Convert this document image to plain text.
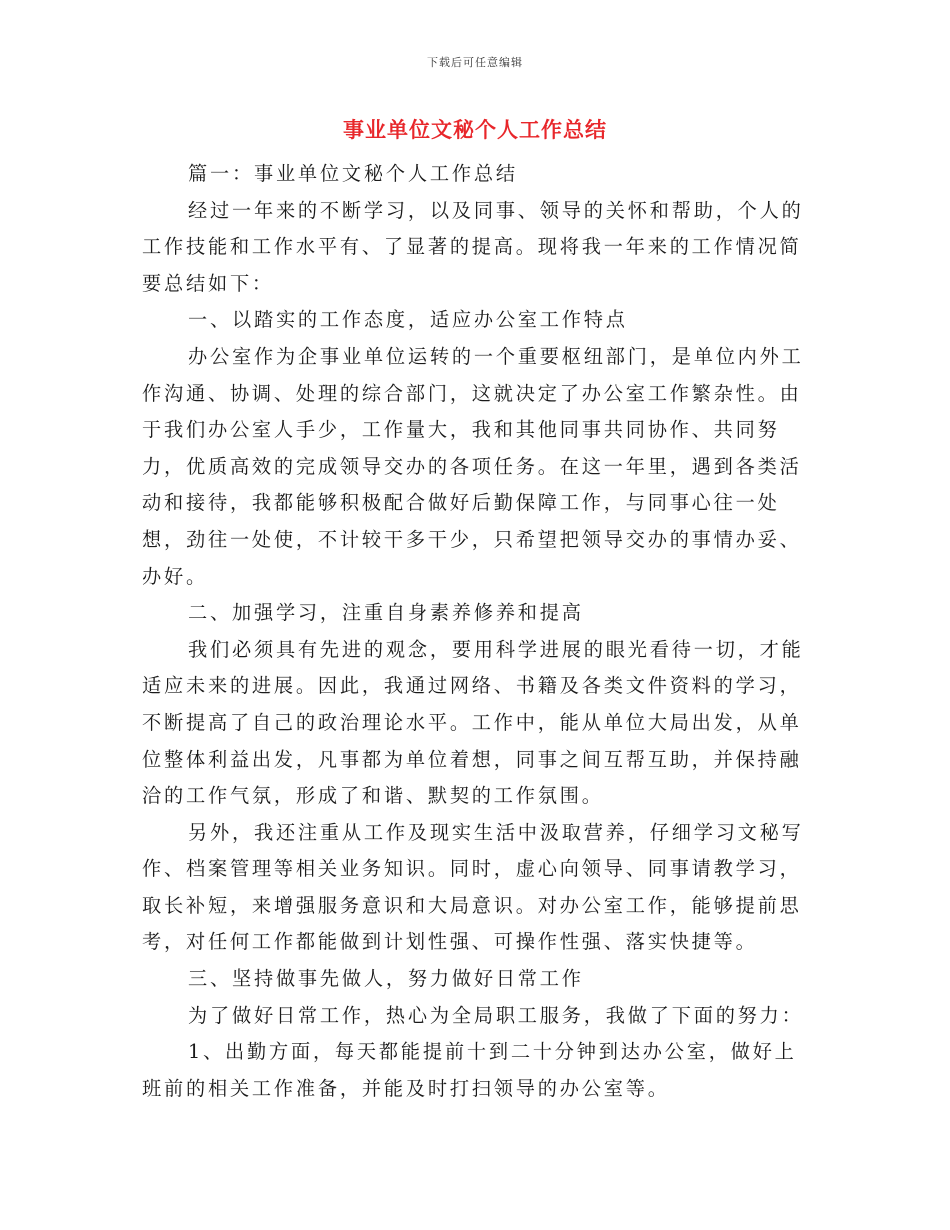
下载后可任意编辑
事业单位文秘个人工作总结

篇一：事业单位文秘个人工作总结

经过一年来的不断学习，以及同事、领导的关怀和帮助，个人的工作技能和工作水平有、了显著的提高。现将我一年来的工作情况简要总结如下：

一、以踏实的工作态度，适应办公室工作特点

办公室作为企事业单位运转的一个重要枢纽部门，是单位内外工作沟通、协调、处理的综合部门，这就决定了办公室工作繁杂性。由于我们办公室人手少，工作量大，我和其他同事共同协作、共同努力，优质高效的完成领导交办的各项任务。在这一年里，遇到各类活动和接待，我都能够积极配合做好后勤保障工作，与同事心往一处想，劲往一处使，不计较干多干少，只希望把领导交办的事情办妥、办好。

二、加强学习，注重自身素养修养和提高

我们必须具有先进的观念，要用科学进展的眼光看待一切，才能适应未来的进展。因此，我通过网络、书籍及各类文件资料的学习，不断提高了自己的政治理论水平。工作中，能从单位大局出发，从单位整体利益出发，凡事都为单位着想，同事之间互帮互助，并保持融洽的工作气氛，形成了和谐、默契的工作氛围。

另外，我还注重从工作及现实生活中汲取营养，仔细学习文秘写作、档案管理等相关业务知识。同时，虚心向领导、同事请教学习，取长补短，来增强服务意识和大局意识。对办公室工作，能够提前思考，对任何工作都能做到计划性强、可操作性强、落实快捷等。

三、坚持做事先做人，努力做好日常工作

为了做好日常工作，热心为全局职工服务，我做了下面的努力：

1、出勤方面，每天都能提前十到二十分钟到达办公室，做好上班前的相关工作准备，并能及时打扫领导的办公室等。
